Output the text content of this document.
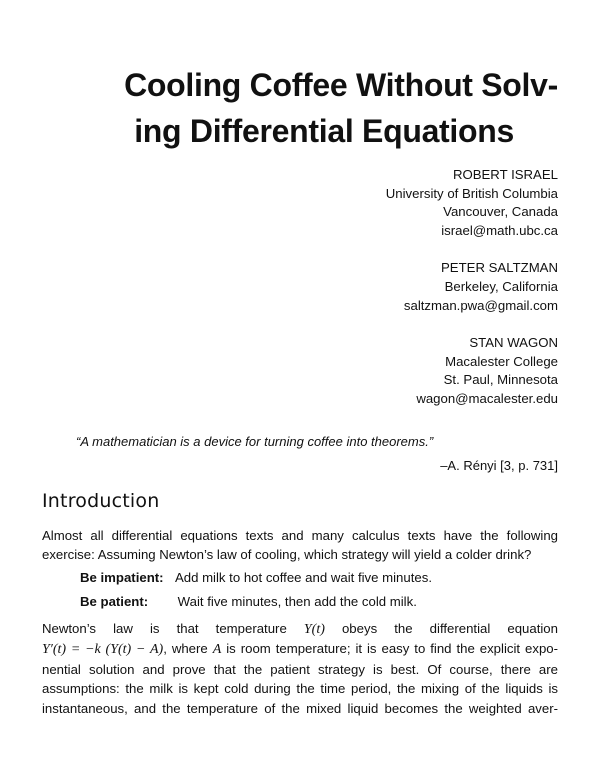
Cooling Coffee Without Solv-
ing Differential Equations
ROBERT ISRAEL
University of British Columbia
Vancouver, Canada
israel@math.ubc.ca
PETER SALTZMAN
Berkeley, California
saltzman.pwa@gmail.com
STAN WAGON
Macalester College
St. Paul, Minnesota
wagon@macalester.edu
“A mathematician is a device for turning coffee into theorems.”
–A. Rényi [3, p. 731]
Introduction
Almost all differential equations texts and many calculus texts have the following
exercise: Assuming Newton’s law of cooling, which strategy will yield a colder drink?
Be impatient: Add milk to hot coffee and wait five minutes.
Be patient: Wait five minutes, then add the cold milk.
Newton’s law is that temperature Y(t) obeys the differential equation
Y′(t) = −k (Y(t) − A), where A is room temperature; it is easy to find the explicit expo-
nential solution and prove that the patient strategy is best. Of course, there are
assumptions: the milk is kept cold during the time period, the mixing of the liquids is
instantaneous, and the temperature of the mixed liquid becomes the weighted aver-
